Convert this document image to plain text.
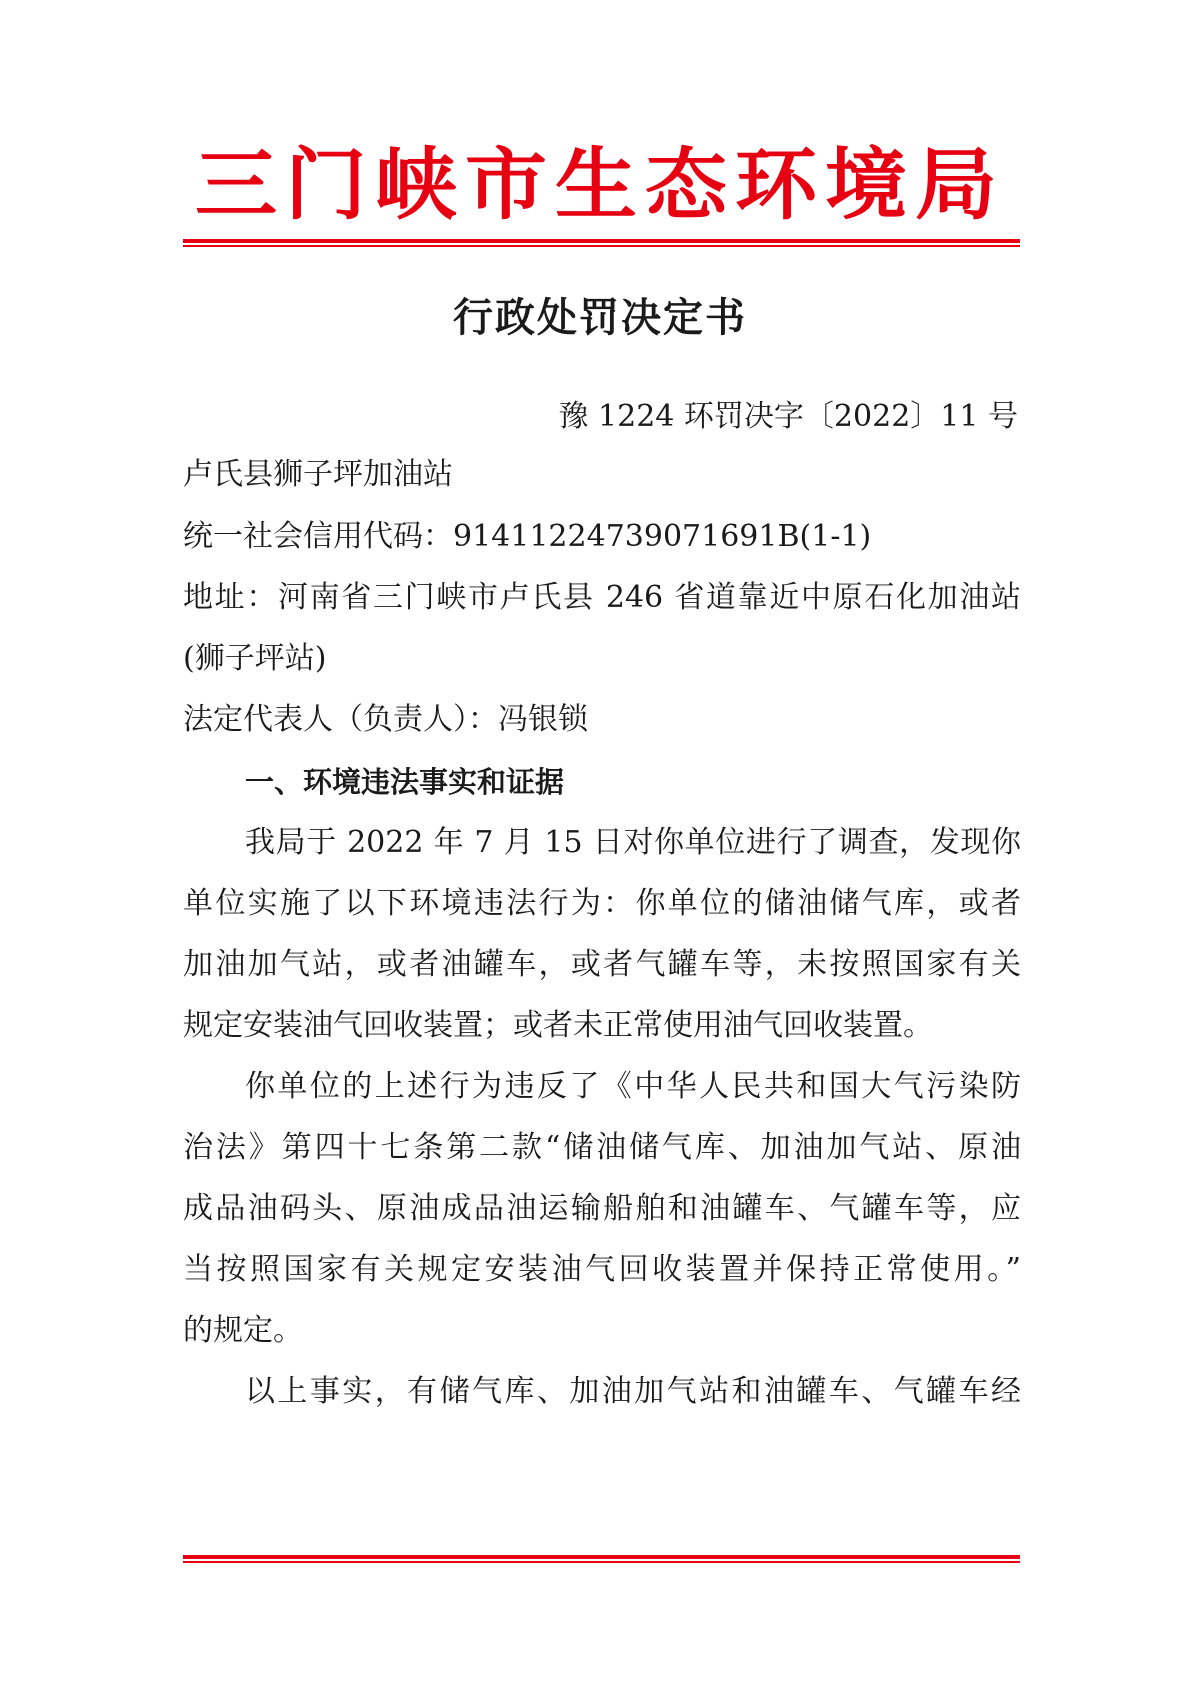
三门峡市生态环境局
行政处罚决定书
豫 1224 环罚决字〔2022〕11 号
卢氏县狮子坪加油站
统一社会信用代码：91411224739071691B(1-1)
地址：河南省三门峡市卢氏县 246 省道靠近中原石化加油站
(狮子坪站)
法定代表人（负责人）：冯银锁
一、环境违法事实和证据
我局于 2022 年 7 月 15 日对你单位进行了调查，发现你
单位实施了以下环境违法行为：你单位的储油储气库，或者
加油加气站，或者油罐车，或者气罐车等，未按照国家有关
规定安装油气回收装置；或者未正常使用油气回收装置。
你单位的上述行为违反了《中华人民共和国大气污染防
治法》第四十七条第二款“储油储气库、加油加气站、原油
成品油码头、原油成品油运输船舶和油罐车、气罐车等，应
当按照国家有关规定安装油气回收装置并保持正常使用。”
的规定。
以上事实，有储气库、加油加气站和油罐车、气罐车经
